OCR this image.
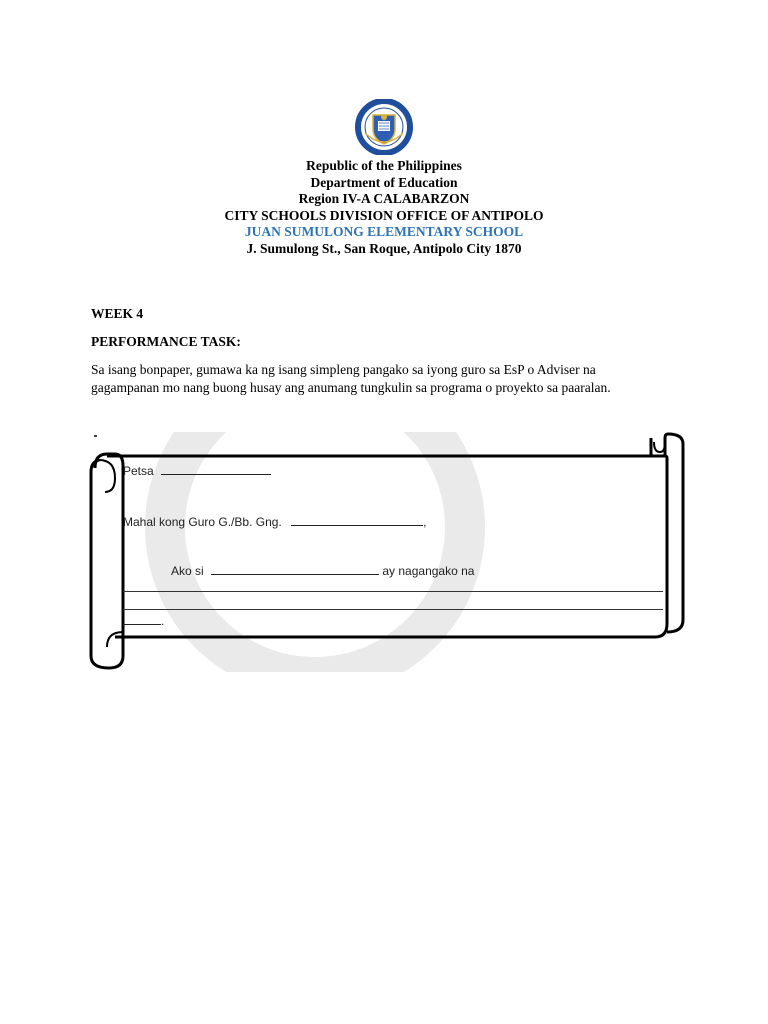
Republic of the Philippines
Department of Education
Region IV-A CALABARZON
CITY SCHOOLS DIVISION OFFICE OF ANTIPOLO
JUAN SUMULONG ELEMENTARY SCHOOL
J. Sumulong St., San Roque, Antipolo City 1870
WEEK 4
PERFORMANCE TASK:
Sa isang bonpaper, gumawa ka ng isang simpleng pangako sa iyong guro sa EsP o Adviser na gagampanan mo nang buong husay ang anumang tungkulin sa programa o proyekto sa paaralan.
Petsa
Mahal kong Guro G./Bb. Gng.	,
Ako si	ay nagangako na
.
